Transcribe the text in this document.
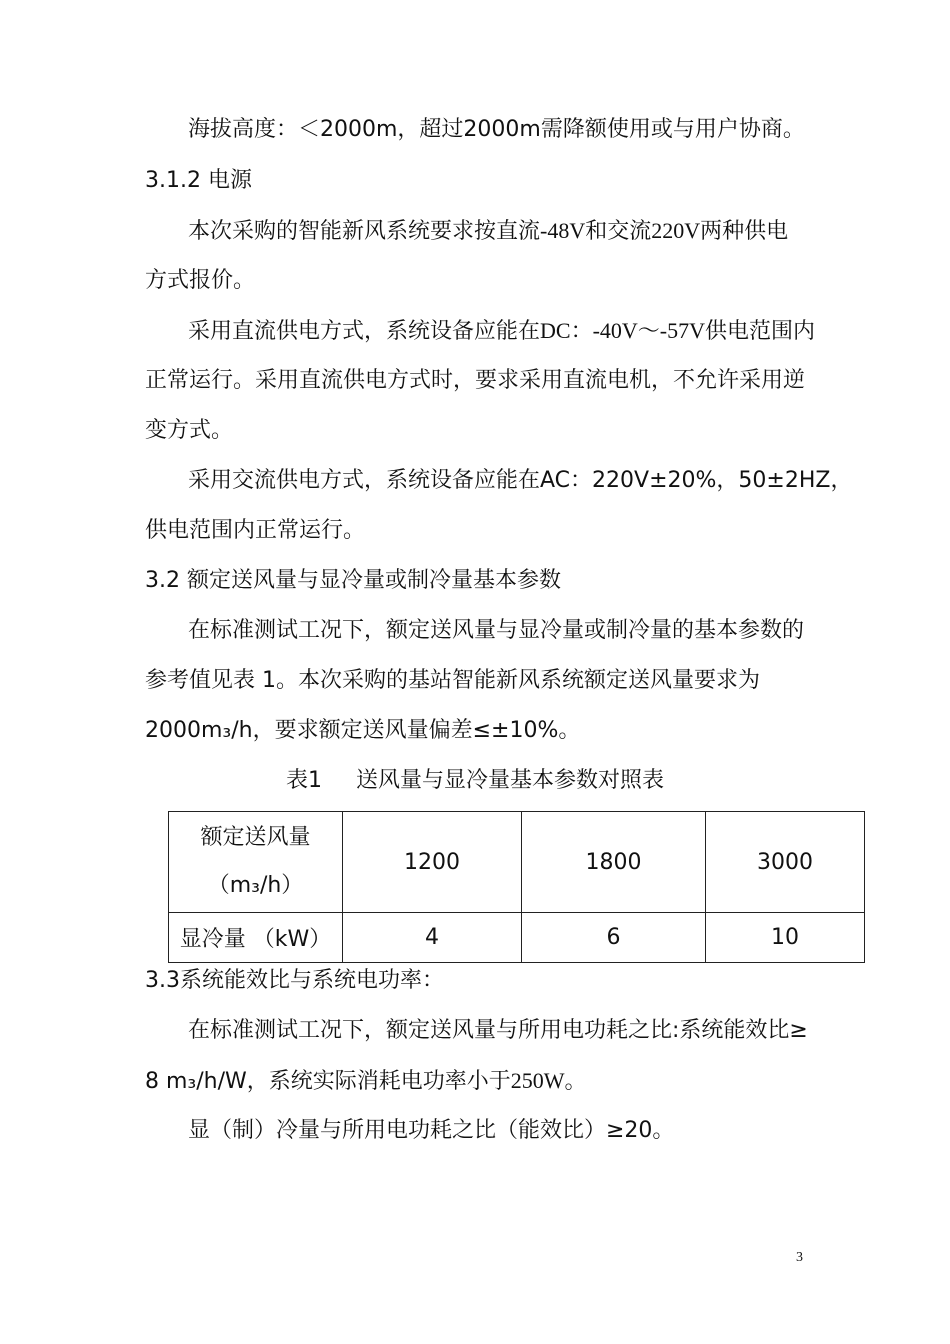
海拔高度：＜2000m，超过2000m需降额使用或与用户协商。
3.1.2 电源
本次采购的智能新风系统要求按直流-48V和交流220V两种供电
方式报价。
采用直流供电方式，系统设备应能在DC：-40V～-57V供电范围内
正常运行。采用直流供电方式时，要求采用直流电机，不允许采用逆
变方式。
采用交流供电方式，系统设备应能在AC：220V±20%，50±2HZ，
供电范围内正常运行。
3.2 额定送风量与显冷量或制冷量基本参数
在标准测试工况下，额定送风量与显冷量或制冷量的基本参数的
参考值见表 1。本次采购的基站智能新风系统额定送风量要求为
2000m₃/h，要求额定送风量偏差≤±10%。
表1 送风量与显冷量基本参数对照表
额定送风量
（m₃/h）	1200	1800	3000
显冷量 （kW）	4	6	10
3.3系统能效比与系统电功率：
在标准测试工况下，额定送风量与所用电功耗之比:系统能效比≥
8 m₃/h/W，系统实际消耗电功率小于250W。
显（制）冷量与所用电功耗之比（能效比）≥20。
3
